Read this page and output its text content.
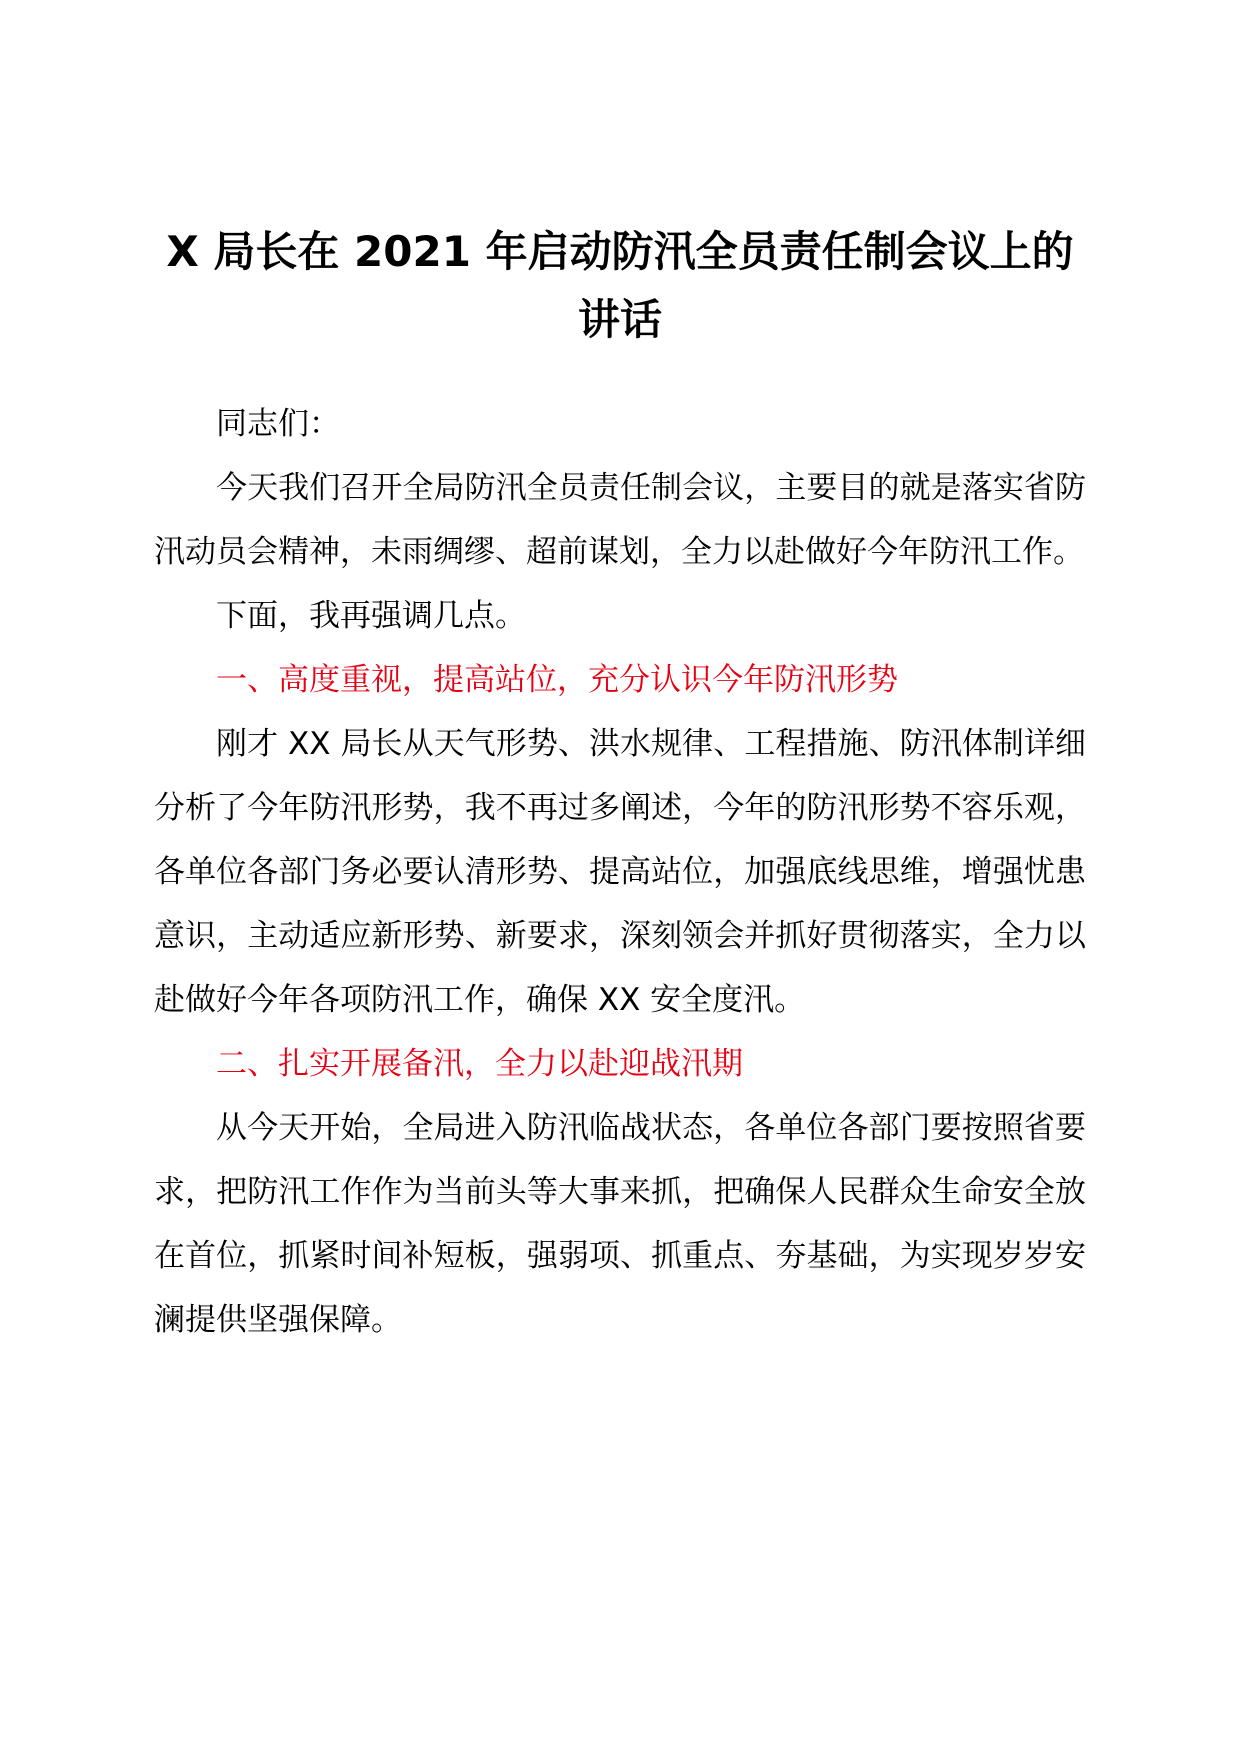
X 局长在 2021 年启动防汛全员责任制会议上的讲话

同志们：

今天我们召开全局防汛全员责任制会议，主要目的就是落实省防汛动员会精神，未雨绸缪、超前谋划，全力以赴做好今年防汛工作。

下面，我再强调几点。

一、高度重视，提高站位，充分认识今年防汛形势

刚才 XX 局长从天气形势、洪水规律、工程措施、防汛体制详细分析了今年防汛形势，我不再过多阐述，今年的防汛形势不容乐观，各单位各部门务必要认清形势、提高站位，加强底线思维，增强忧患意识，主动适应新形势、新要求，深刻领会并抓好贯彻落实，全力以赴做好今年各项防汛工作，确保 XX 安全度汛。

二、扎实开展备汛，全力以赴迎战汛期

从今天开始，全局进入防汛临战状态，各单位各部门要按照省要求，把防汛工作作为当前头等大事来抓，把确保人民群众生命安全放在首位，抓紧时间补短板，强弱项、抓重点、夯基础，为实现岁岁安澜提供坚强保障。
